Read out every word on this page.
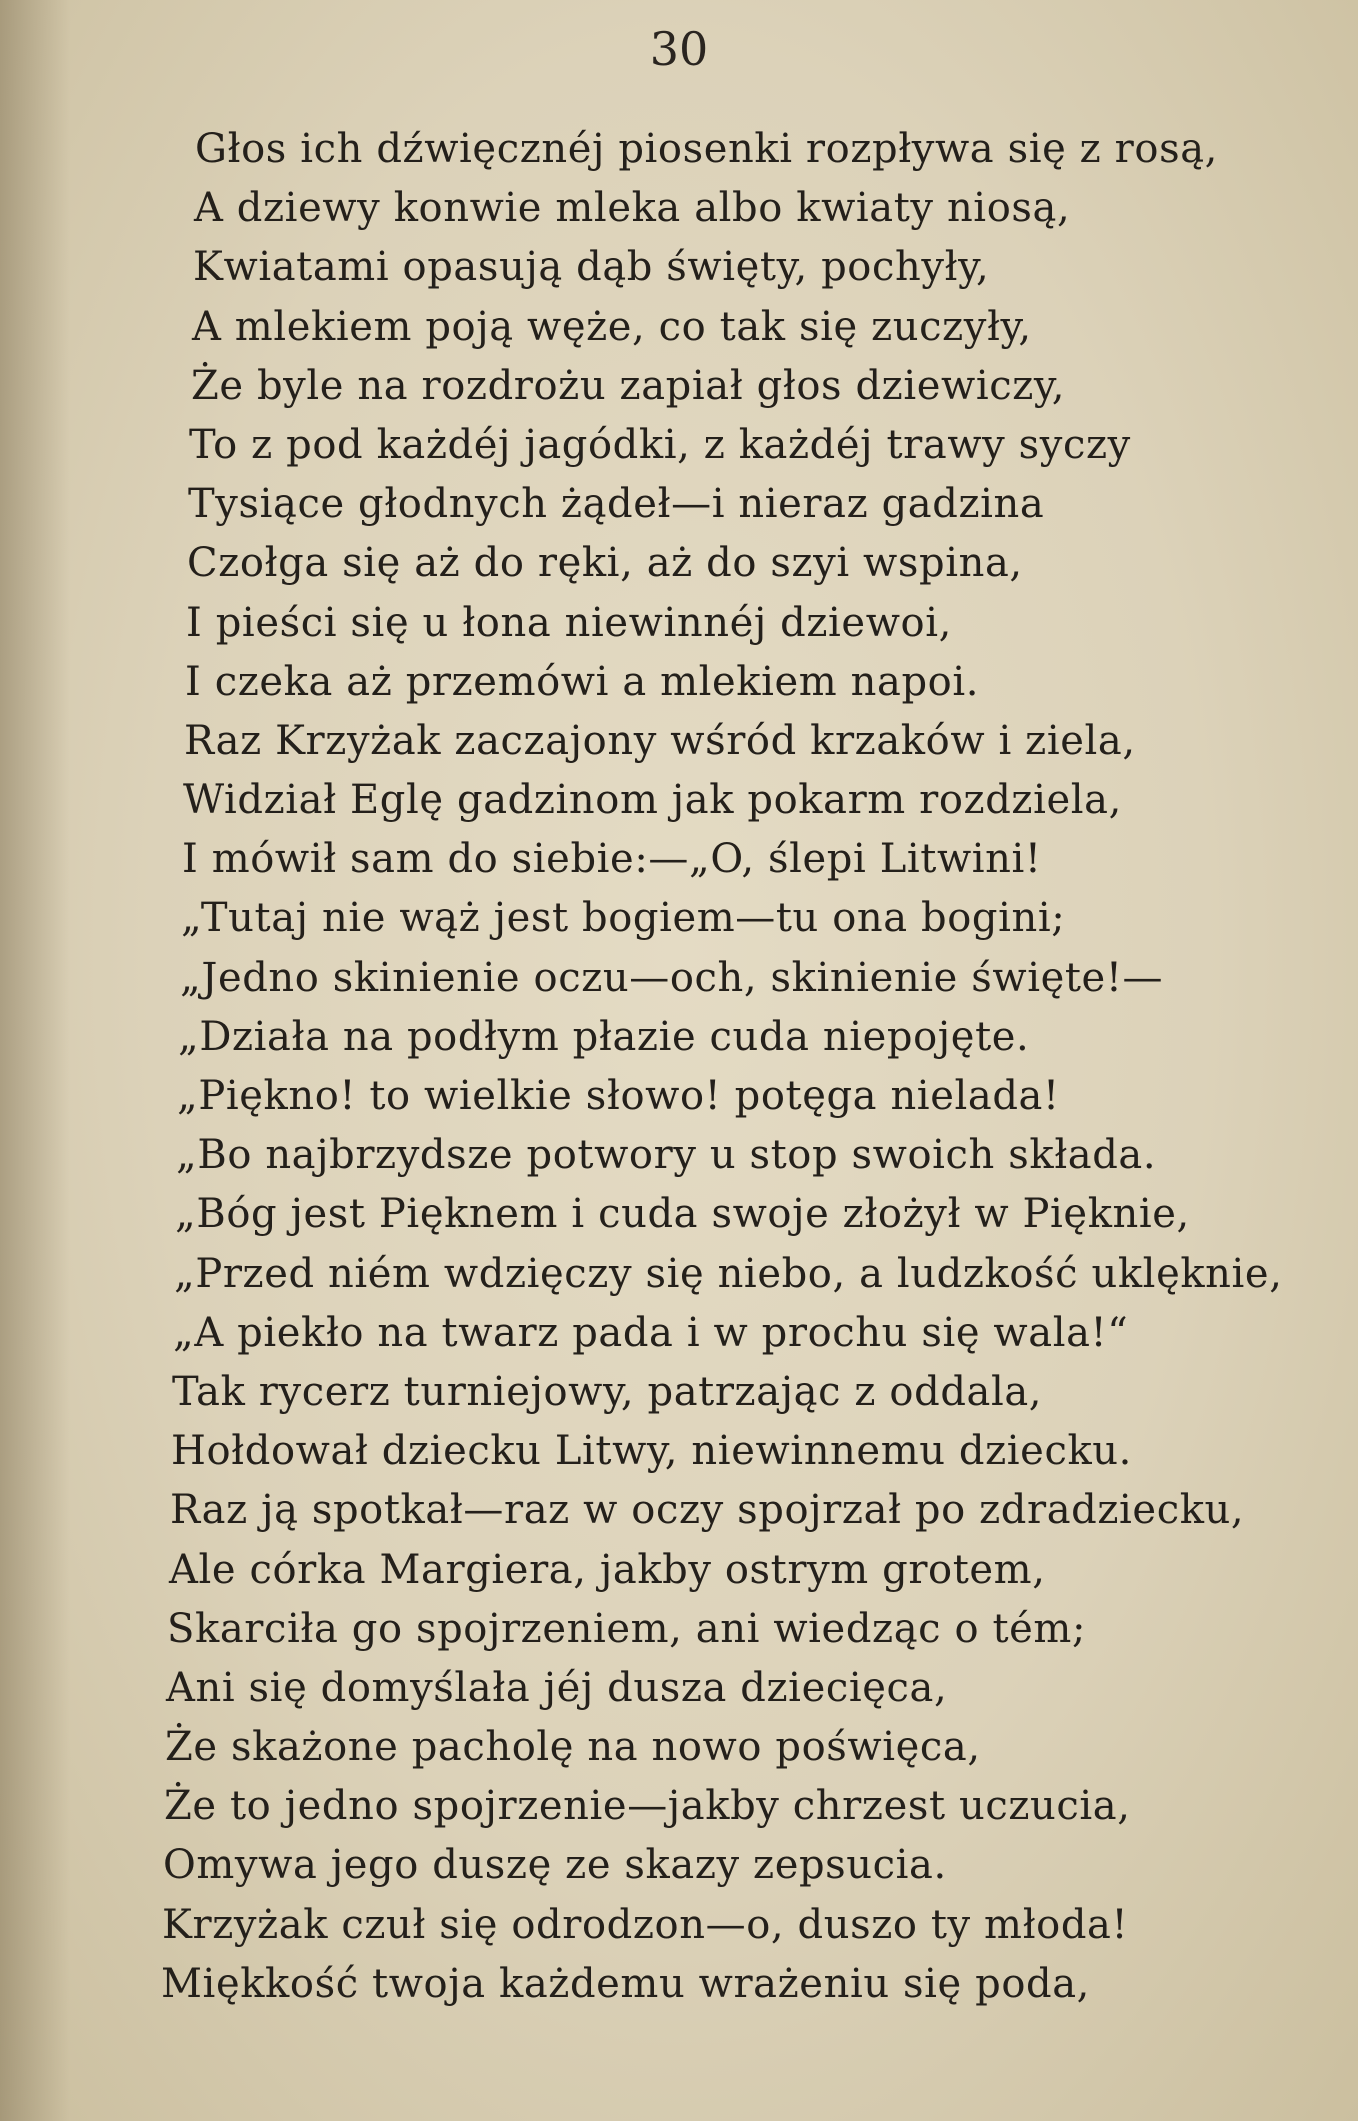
30
Głos ich dźwięcznéj piosenki rozpływa się z rosą,
A dziewy konwie mleka albo kwiaty niosą,
Kwiatami opasują dąb święty, pochyły,
A mlekiem poją węże, co tak się zuczyły,
Że byle na rozdrożu zapiał głos dziewiczy,
To z pod każdéj jagódki, z każdéj trawy syczy
Tysiące głodnych żądeł—i nieraz gadzina
Czołga się aż do ręki, aż do szyi wspina,
I pieści się u łona niewinnéj dziewoi,
I czeka aż przemówi a mlekiem napoi.
Raz Krzyżak zaczajony wśród krzaków i ziela,
Widział Eglę gadzinom jak pokarm rozdziela,
I mówił sam do siebie:—„O, ślepi Litwini!
„Tutaj nie wąż jest bogiem—tu ona bogini;
„Jedno skinienie oczu—och, skinienie święte!—
„Działa na podłym płazie cuda niepojęte.
„Piękno! to wielkie słowo! potęga nielada!
„Bo najbrzydsze potwory u stop swoich składa.
„Bóg jest Pięknem i cuda swoje złożył w Pięknie,
„Przed niém wdzięczy się niebo, a ludzkość uklęknie,
„A piekło na twarz pada i w prochu się wala!“
Tak rycerz turniejowy, patrzając z oddala,
Hołdował dziecku Litwy, niewinnemu dziecku.
Raz ją spotkał—raz w oczy spojrzał po zdradziecku,
Ale córka Margiera, jakby ostrym grotem,
Skarciła go spojrzeniem, ani wiedząc o tém;
Ani się domyślała jéj dusza dziecięca,
Że skażone pacholę na nowo poświęca,
Że to jedno spojrzenie—jakby chrzest uczucia,
Omywa jego duszę ze skazy zepsucia.
Krzyżak czuł się odrodzon—o, duszo ty młoda!
Miękkość twoja każdemu wrażeniu się poda,
